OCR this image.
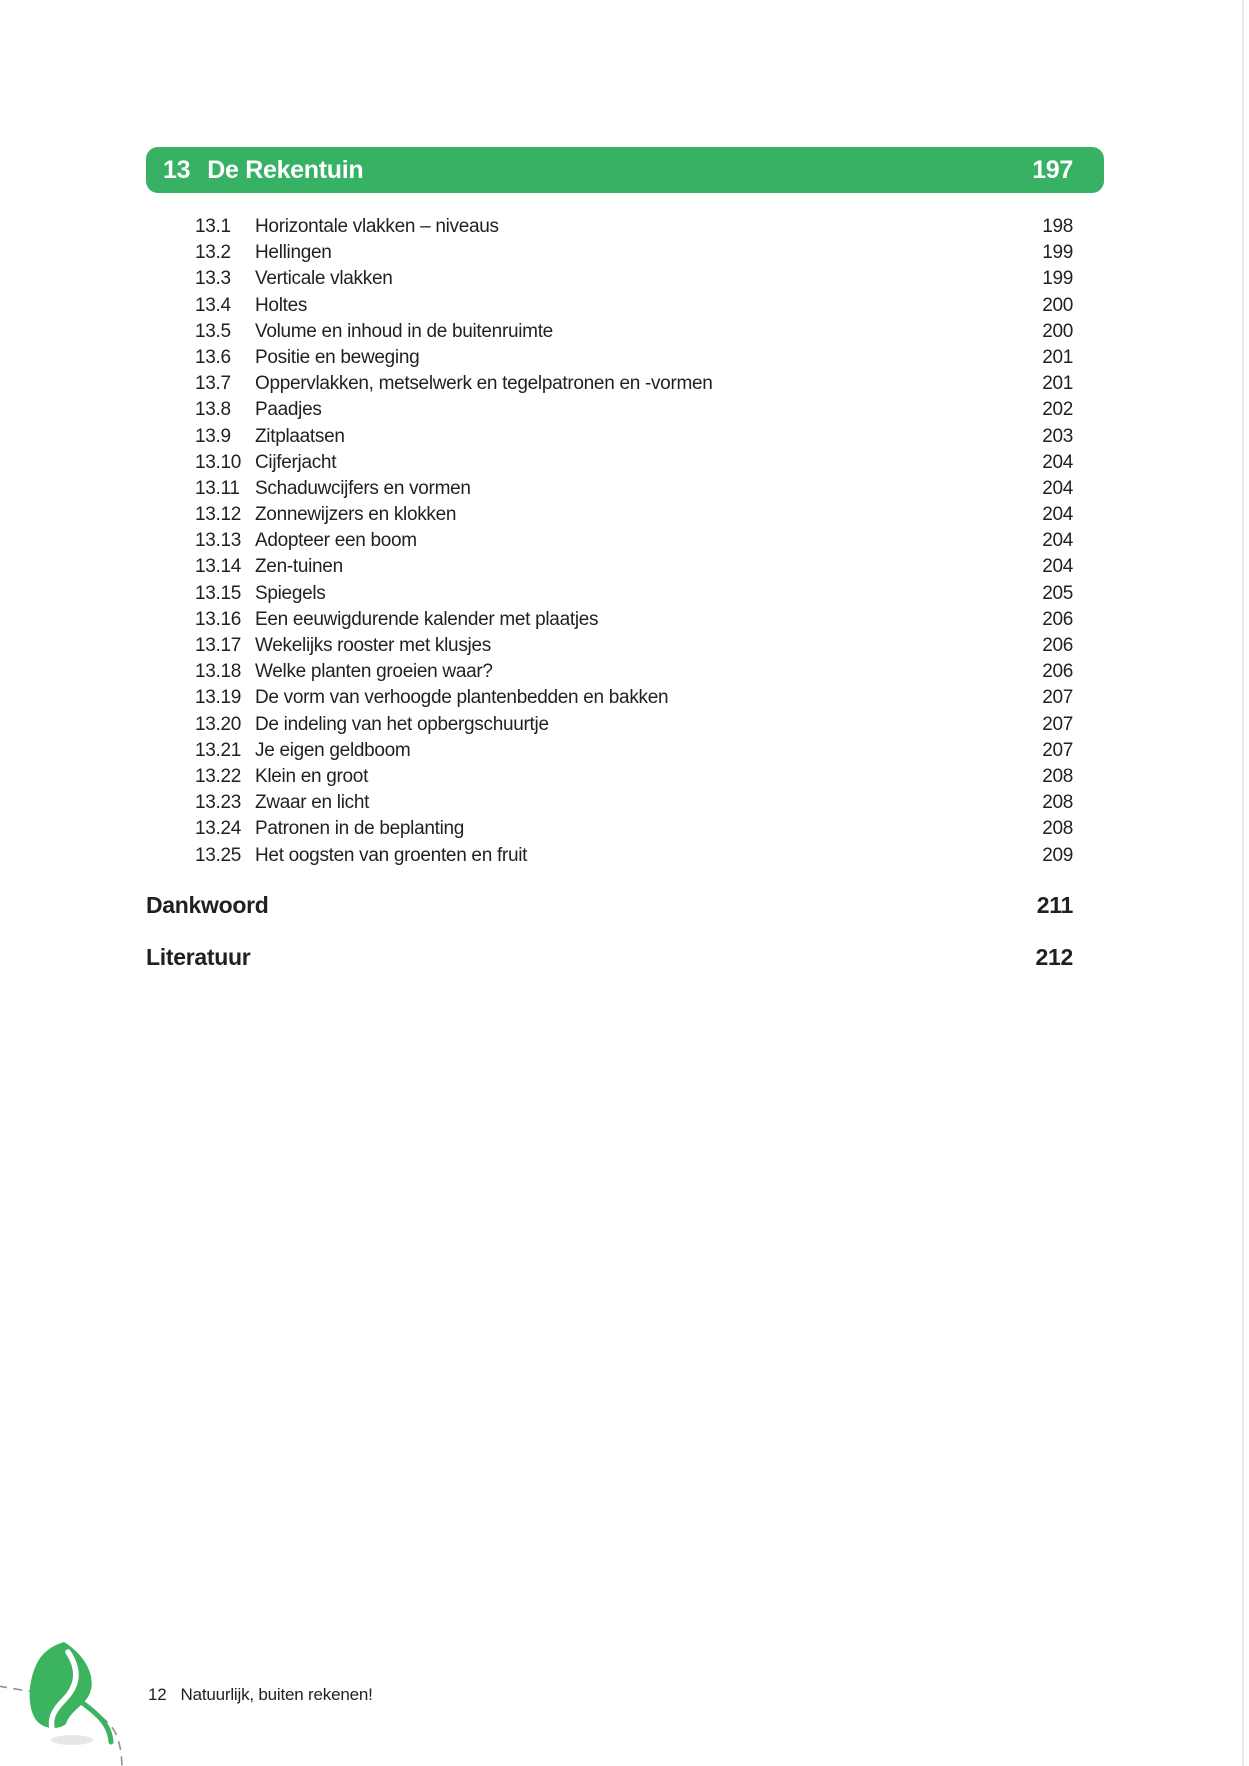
13 De Rekentuin	197
13.1	Horizontale vlakken – niveaus	198
13.2	Hellingen	199
13.3	Verticale vlakken	199
13.4	Holtes	200
13.5	Volume en inhoud in de buitenruimte	200
13.6	Positie en beweging	201
13.7	Oppervlakken, metselwerk en tegelpatronen en -vormen	201
13.8	Paadjes	202
13.9	Zitplaatsen	203
13.10 Cijferjacht	204
13.11 Schaduwcijfers en vormen	204
13.12 Zonnewijzers en klokken	204
13.13 Adopteer een boom	204
13.14 Zen-tuinen	204
13.15 Spiegels	205
13.16 Een eeuwigdurende kalender met plaatjes	206
13.17 Wekelijks rooster met klusjes	206
13.18 Welke planten groeien waar?	206
13.19 De vorm van verhoogde plantenbedden en bakken	207
13.20 De indeling van het opbergschuurtje	207
13.21 Je eigen geldboom	207
13.22 Klein en groot	208
13.23 Zwaar en licht	208
13.24 Patronen in de beplanting	208
13.25 Het oogsten van groenten en fruit	209
Dankwoord	211
Literatuur	212
12 Natuurlijk, buiten rekenen!
